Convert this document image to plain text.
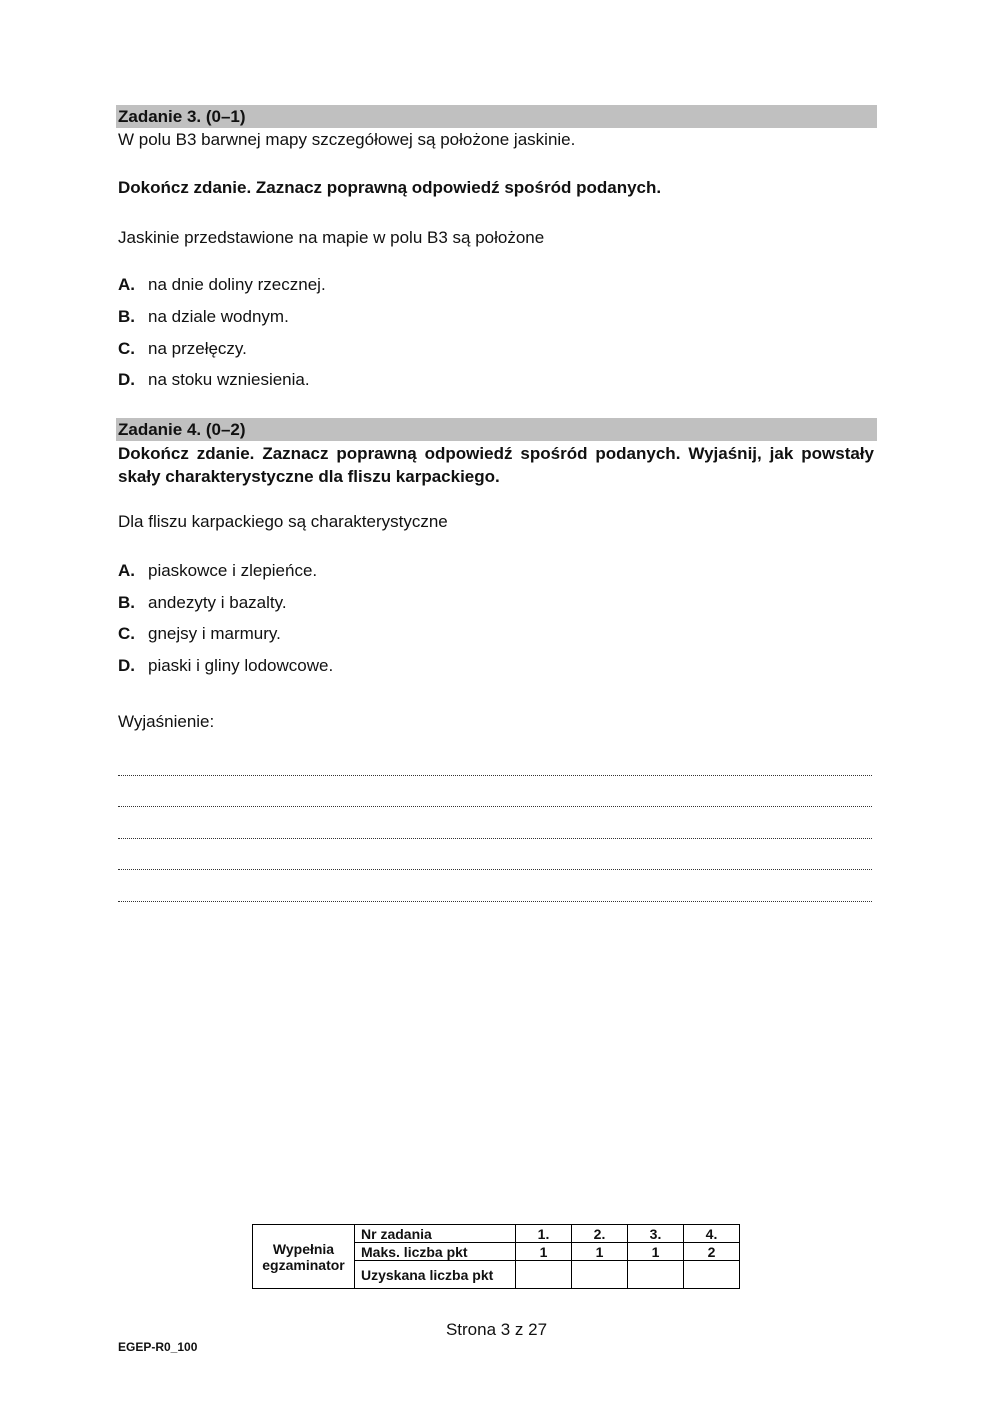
Zadanie 3. (0–1)
W polu B3 barwnej mapy szczegółowej są położone jaskinie.
Dokończ zdanie. Zaznacz poprawną odpowiedź spośród podanych.
Jaskinie przedstawione na mapie w polu B3 są położone
A. na dnie doliny rzecznej.
B. na dziale wodnym.
C. na przełęczy.
D. na stoku wzniesienia.
Zadanie 4. (0–2)
Dokończ zdanie. Zaznacz poprawną odpowiedź spośród podanych. Wyjaśnij, jak powstały skały charakterystyczne dla fliszu karpackiego.
Dla fliszu karpackiego są charakterystyczne
A. piaskowce i zlepieńce.
B. andezyty i bazalty.
C. gnejsy i marmury.
D. piaski i gliny lodowcowe.
Wyjaśnienie:
Wypełnia egzaminator	Nr zadania	1.	2.	3.	4.
	Maks. liczba pkt	1	1	1	2
	Uzyskana liczba pkt				
Strona 3 z 27
EGEP-R0_100
